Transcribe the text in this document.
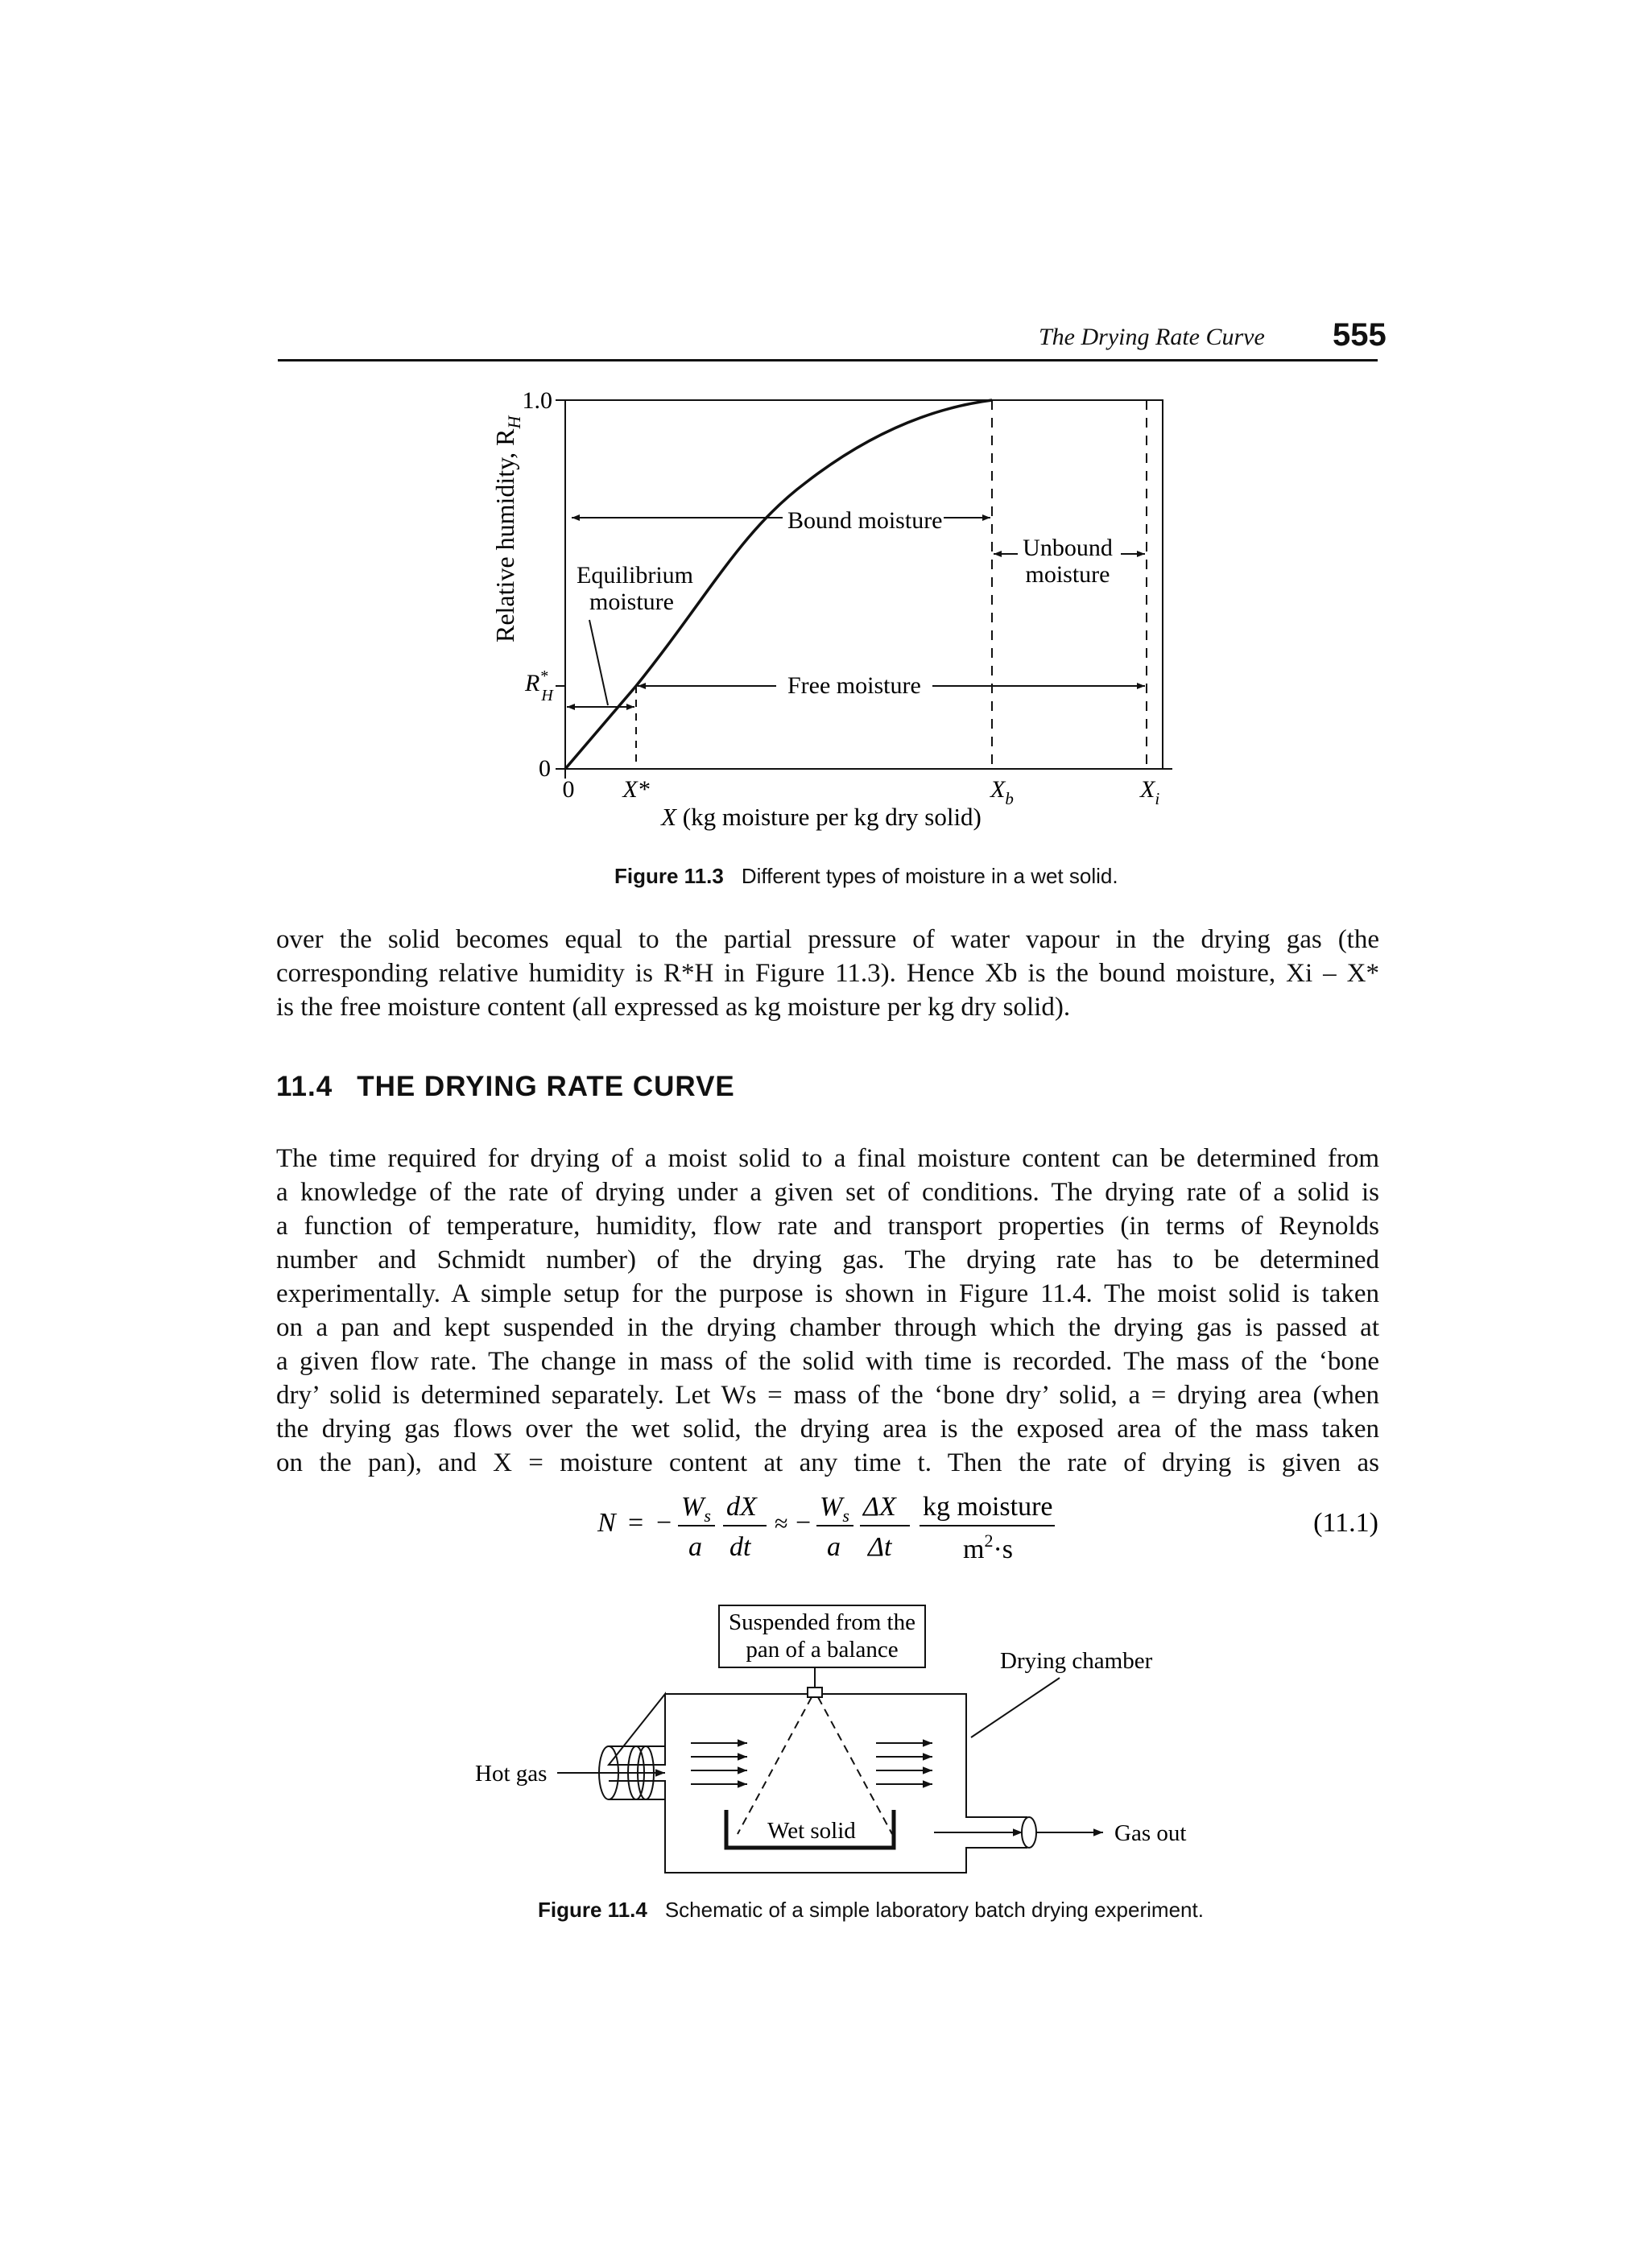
The Drying Rate Curve 555
Bound moisture
Unbound
moisture
Equilibrium
moisture
Free moisture
1.0
R* H
0
Relative humidity, $R_H$
0 X*	$X_b$	$X_i$
X (kg moisture per kg dry solid)
Figure 11.3 Different types of moisture in a wet solid.
over the solid becomes equal to the partial pressure of water vapour in the drying gas (the
corresponding relative humidity is R*H in Figure 11.3). Hence Xb is the bound moisture, Xi – X*
is the free moisture content (all expressed as kg moisture per kg dry solid).
11.4 THE DRYING RATE CURVE
The time required for drying of a moist solid to a final moisture content can be determined from
a knowledge of the rate of drying under a given set of conditions. The drying rate of a solid is
a function of temperature, humidity, flow rate and transport properties (in terms of Reynolds
number and Schmidt number) of the drying gas. The drying rate has to be determined
experimentally. A simple setup for the purpose is shown in Figure 11.4. The moist solid is taken
on a pan and kept suspended in the drying chamber through which the drying gas is passed at
a given flow rate. The change in mass of the solid with time is recorded. The mass of the ‘bone
dry’ solid is determined separately. Let Ws = mass of the ‘bone dry’ solid, a = drying area (when
the drying gas flows over the wet solid, the drying area is the exposed area of the mass taken
on the pan), and X = moisture content at any time t. Then the rate of drying is given as
N = −
$W_s$
a
dX
dt
≈ −
$W_s$
a
ΔX
Δt
kg moisture
$m^2\cdot s$
(11.1)
Suspended from the
pan of a balance
Wet solid
Hot gas
Gas out
Drying chamber
Figure 11.4 Schematic of a simple laboratory batch drying experiment.
